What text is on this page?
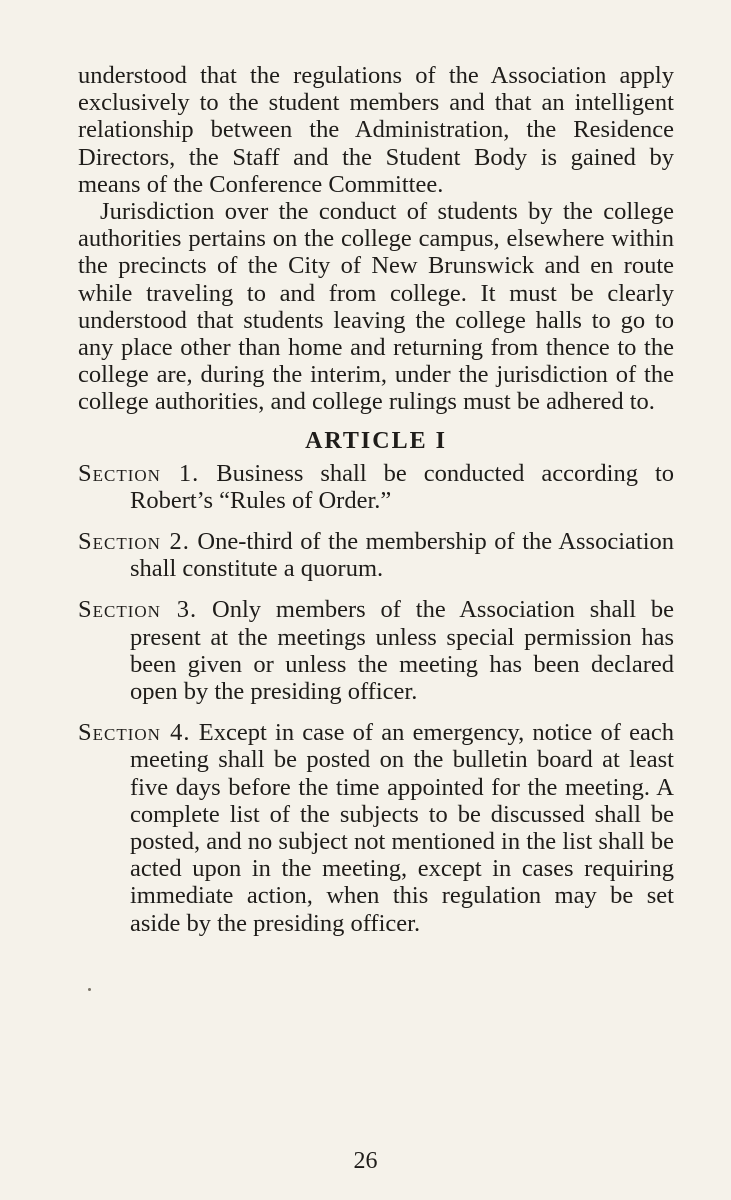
understood that the regulations of the Association apply exclusively to the student members and that an intelligent relationship between the Administration, the Residence Directors, the Staff and the Student Body is gained by means of the Conference Committee.

Jurisdiction over the conduct of students by the college authorities pertains on the college campus, elsewhere within the precincts of the City of New Brunswick and en route while traveling to and from college. It must be clearly understood that students leaving the college halls to go to any place other than home and returning from thence to the college are, during the interim, under the jurisdiction of the college authorities, and college rulings must be adhered to.

ARTICLE I
Section 1. Business shall be conducted according to Robert’s “Rules of Order.”
Section 2. One-third of the membership of the Association shall constitute a quorum.
Section 3. Only members of the Association shall be present at the meetings unless special permission has been given or unless the meeting has been declared open by the presiding officer.
Section 4. Except in case of an emergency, notice of each meeting shall be posted on the bulletin board at least five days before the time appointed for the meeting. A complete list of the subjects to be discussed shall be posted, and no subject not mentioned in the list shall be acted upon in the meeting, except in cases requiring immediate action, when this regulation may be set aside by the presiding officer.
26
